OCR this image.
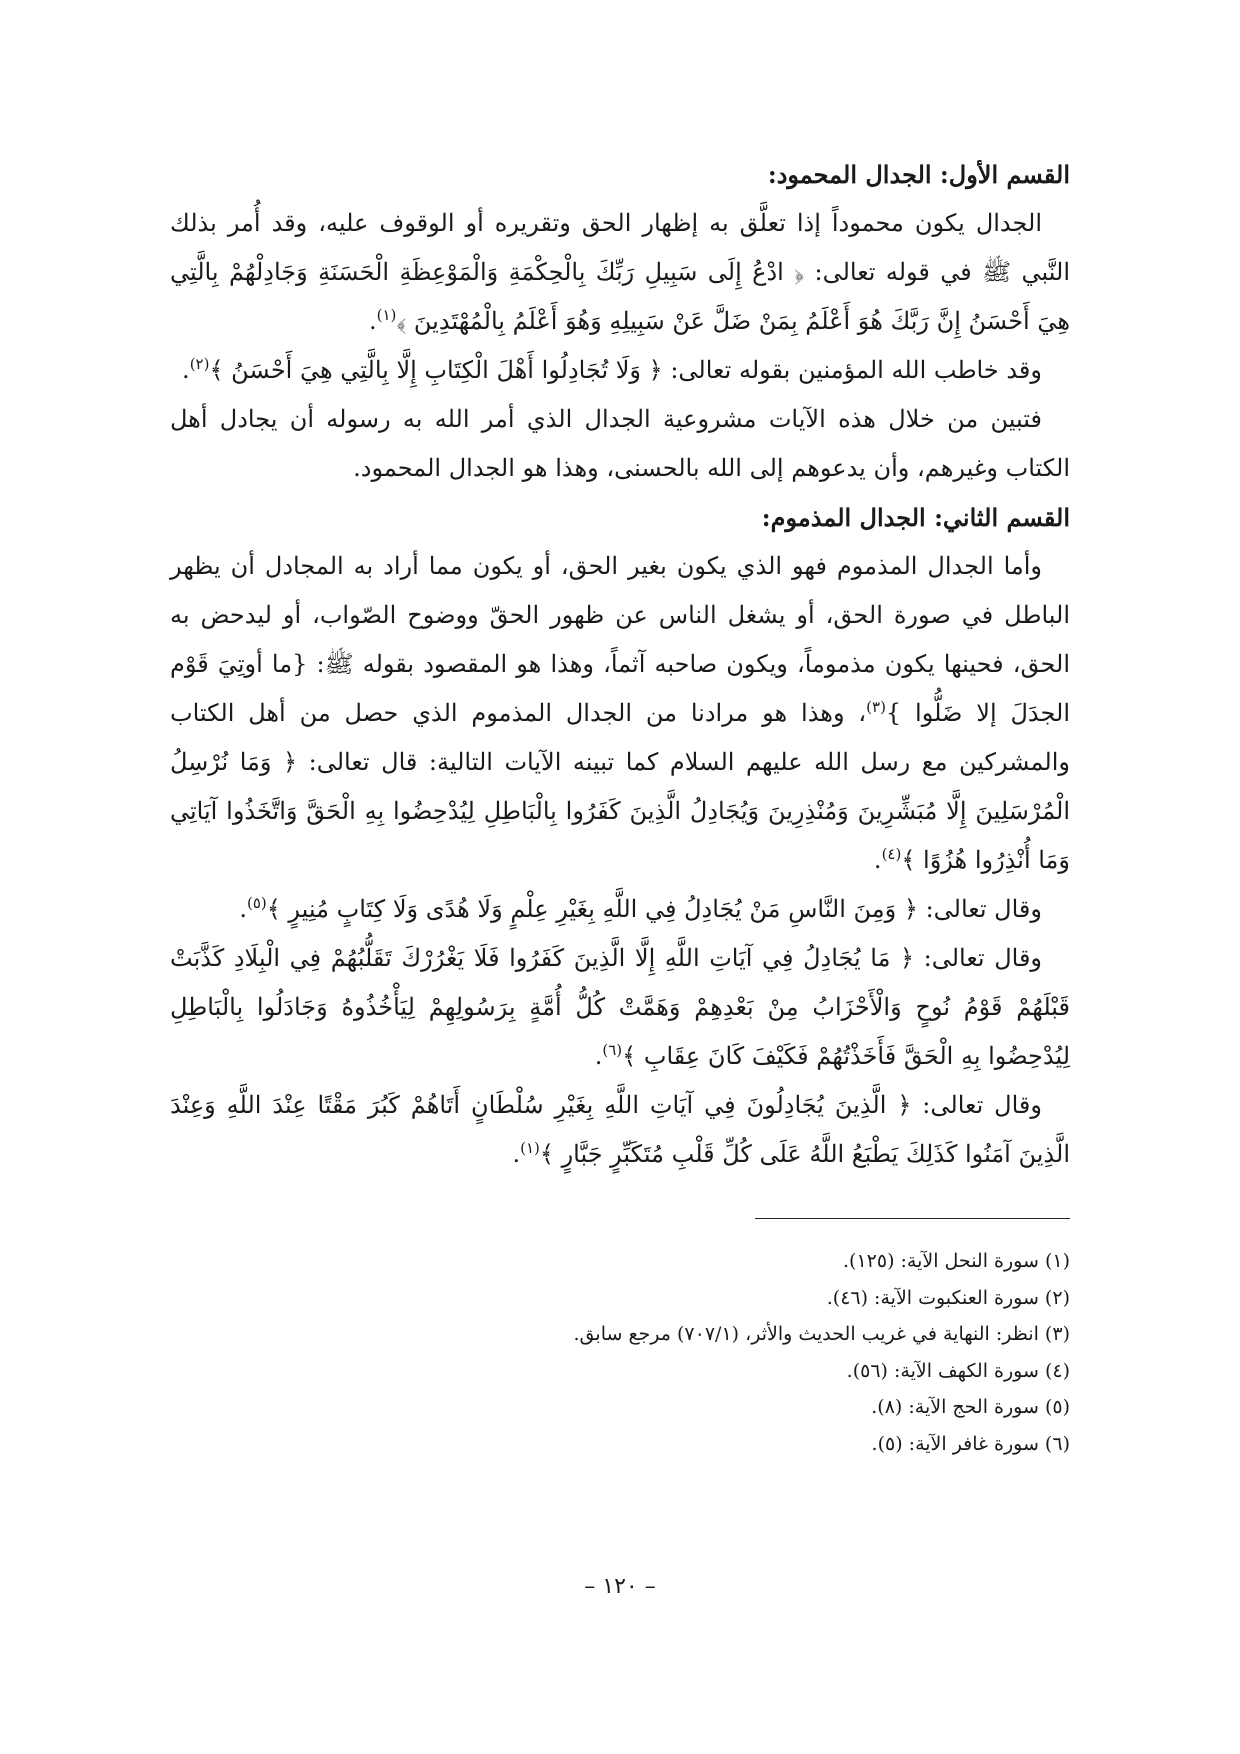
القسم الأول: الجدال المحمود:

الجدال يكون محموداً إذا تعلَّق به إظهار الحق وتقريره أو الوقوف عليه، وقد أُمر بذلك النَّبي ﷺ في قوله تعالى: ﴿ ادْعُ إِلَى سَبِيلِ رَبِّكَ بِالْحِكْمَةِ وَالْمَوْعِظَةِ الْحَسَنَةِ وَجَادِلْهُمْ بِالَّتِي هِيَ أَحْسَنُ إِنَّ رَبَّكَ هُوَ أَعْلَمُ بِمَنْ ضَلَّ عَنْ سَبِيلِهِ وَهُوَ أَعْلَمُ بِالْمُهْتَدِينَ ﴾$^{(١)}$.

وقد خاطب الله المؤمنين بقوله تعالى: ﴿ وَلَا تُجَادِلُوا أَهْلَ الْكِتَابِ إِلَّا بِالَّتِي هِيَ أَحْسَنُ ﴾$^{(٢)}$.

فتبين من خلال هذه الآيات مشروعية الجدال الذي أمر الله به رسوله أن يجادل أهل الكتاب وغيرهم، وأن يدعوهم إلى الله بالحسنى، وهذا هو الجدال المحمود.

القسم الثاني: الجدال المذموم:

وأما الجدال المذموم فهو الذي يكون بغير الحق، أو يكون مما أراد به المجادل أن يظهر الباطل في صورة الحق، أو يشغل الناس عن ظهور الحقّ ووضوح الصّواب، أو ليدحض به الحق، فحينها يكون مذموماً، ويكون صاحبه آثماً، وهذا هو المقصود بقوله ﷺ: {ما أوتِيَ قَوْم الجدَلَ إلا ضَلُّوا }$^{(٣)}$، وهذا هو مرادنا من الجدال المذموم الذي حصل من أهل الكتاب والمشركين مع رسل الله عليهم السلام كما تبينه الآيات التالية: قال تعالى: ﴿ وَمَا نُرْسِلُ الْمُرْسَلِينَ إِلَّا مُبَشِّرِينَ وَمُنْذِرِينَ وَيُجَادِلُ الَّذِينَ كَفَرُوا بِالْبَاطِلِ لِيُدْحِضُوا بِهِ الْحَقَّ وَاتَّخَذُوا آيَاتِي وَمَا أُنْذِرُوا هُزُوًا ﴾$^{(٤)}$.

وقال تعالى: ﴿ وَمِنَ النَّاسِ مَنْ يُجَادِلُ فِي اللَّهِ بِغَيْرِ عِلْمٍ وَلَا هُدًى وَلَا كِتَابٍ مُنِيرٍ ﴾$^{(٥)}$.

وقال تعالى: ﴿ مَا يُجَادِلُ فِي آيَاتِ اللَّهِ إِلَّا الَّذِينَ كَفَرُوا فَلَا يَغْرُرْكَ تَقَلُّبُهُمْ فِي الْبِلَادِ كَذَّبَتْ قَبْلَهُمْ قَوْمُ نُوحٍ وَالْأَحْزَابُ مِنْ بَعْدِهِمْ وَهَمَّتْ كُلُّ أُمَّةٍ بِرَسُولِهِمْ لِيَأْخُذُوهُ وَجَادَلُوا بِالْبَاطِلِ لِيُدْحِضُوا بِهِ الْحَقَّ فَأَخَذْتُهُمْ فَكَيْفَ كَانَ عِقَابِ ﴾$^{(٦)}$.

وقال تعالى: ﴿ الَّذِينَ يُجَادِلُونَ فِي آيَاتِ اللَّهِ بِغَيْرِ سُلْطَانٍ أَتَاهُمْ كَبُرَ مَقْتًا عِنْدَ اللَّهِ وَعِنْدَ الَّذِينَ آمَنُوا كَذَلِكَ يَطْبَعُ اللَّهُ عَلَى كُلِّ قَلْبِ مُتَكَبِّرٍ جَبَّارٍ ﴾$^{(١)}$.

(١) سورة النحل الآية: (١٢٥).

(٢) سورة العنكبوت الآية: (٤٦).

(٣) انظر: النهاية في غريب الحديث والأثر، (٧٠٧/١) مرجع سابق.

(٤) سورة الكهف الآية: (٥٦).

(٥) سورة الحج الآية: (٨).

(٦) سورة غافر الآية: (٥).

– ١٢٠ –
